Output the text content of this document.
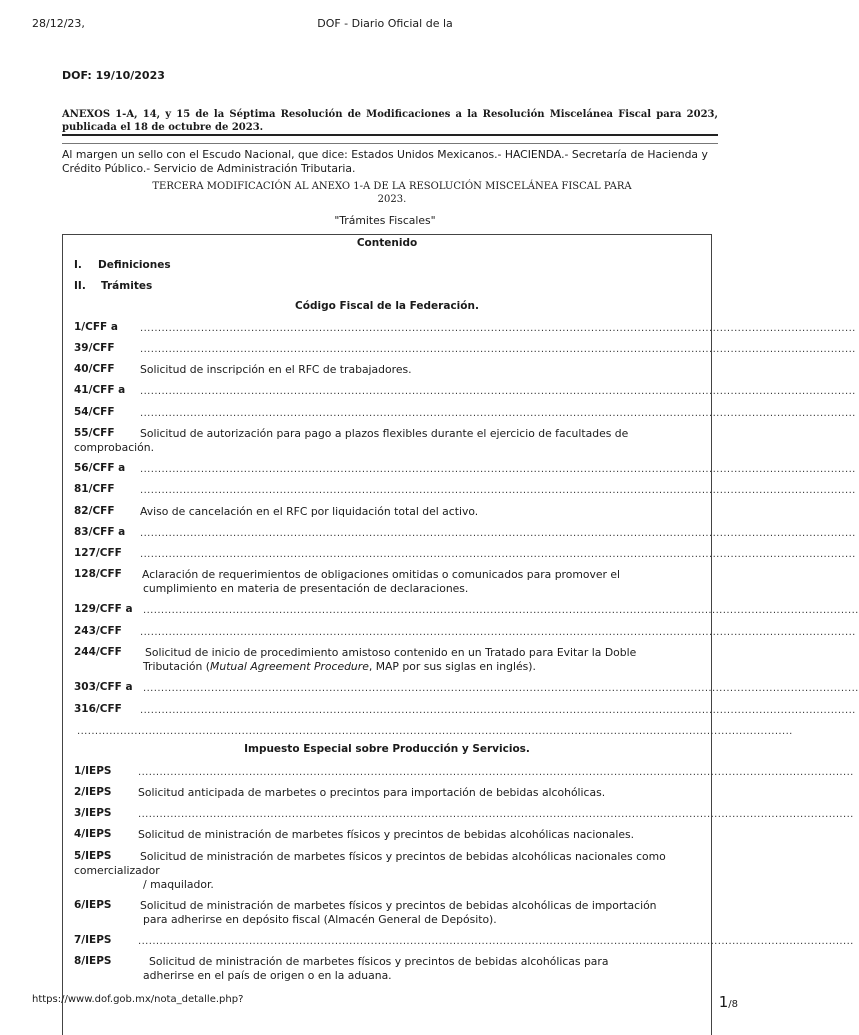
28/12/23,	DOF - Diario Oficial de la
DOF: 19/10/2023
ANEXOS 1-A, 14, y 15 de la Séptima Resolución de Modificaciones a la Resolución Miscelánea Fiscal para 2023, publicada el 18 de octubre de 2023.
Al margen un sello con el Escudo Nacional, que dice: Estados Unidos Mexicanos.- HACIENDA.- Secretaría de Hacienda y
Crédito Público.- Servicio de Administración Tributaria.
TERCERA MODIFICACIÓN AL ANEXO 1-A DE LA RESOLUCIÓN MISCELÁNEA FISCAL PARA
2023.
"Trámites Fiscales"
Contenido
I. Definiciones
II. Trámites
Código Fiscal de la Federación.
1/CFF a ........................................................................................................................................................................................................
39/CFF	........................................................................................................................................................................................................
40/CFF Solicitud de inscripción en el RFC de trabajadores.
41/CFF a ........................................................................................................................................................................................................
54/CFF	........................................................................................................................................................................................................
55/CFF Solicitud de autorización para pago a plazos flexibles durante el ejercicio de facultades de
comprobación.
56/CFF a ........................................................................................................................................................................................................
81/CFF	........................................................................................................................................................................................................
82/CFF Aviso de cancelación en el RFC por liquidación total del activo.
83/CFF a ........................................................................................................................................................................................................
127/CFF ........................................................................................................................................................................................................
128/CFF Aclaración de requerimientos de obligaciones omitidas o comunicados para promover el
cumplimiento en materia de presentación de declaraciones.
129/CFF a ........................................................................................................................................................................................................
243/CFF ........................................................................................................................................................................................................
244/CFF Solicitud de inicio de procedimiento amistoso contenido en un Tratado para Evitar la Doble
Tributación (Mutual Agreement Procedure, MAP por sus siglas en inglés).
303/CFF a ........................................................................................................................................................................................................
316/CFF ........................................................................................................................................................................................................
........................................................................................................................................................................................................
Impuesto Especial sobre Producción y Servicios.
1/IEPS	........................................................................................................................................................................................................
2/IEPS Solicitud anticipada de marbetes o precintos para importación de bebidas alcohólicas.
3/IEPS	........................................................................................................................................................................................................
4/IEPS Solicitud de ministración de marbetes físicos y precintos de bebidas alcohólicas nacionales.
5/IEPS	Solicitud de ministración de marbetes físicos y precintos de bebidas alcohólicas nacionales como
comercializador
/ maquilador.
6/IEPS	Solicitud de ministración de marbetes físicos y precintos de bebidas alcohólicas de importación
para adherirse en depósito fiscal (Almacén General de Depósito).
7/IEPS	........................................................................................................................................................................................................
8/IEPS	Solicitud de ministración de marbetes físicos y precintos de bebidas alcohólicas para
adherirse en el país de origen o en la aduana.
https://www.dof.gob.mx/nota_detalle.php?	1/8
